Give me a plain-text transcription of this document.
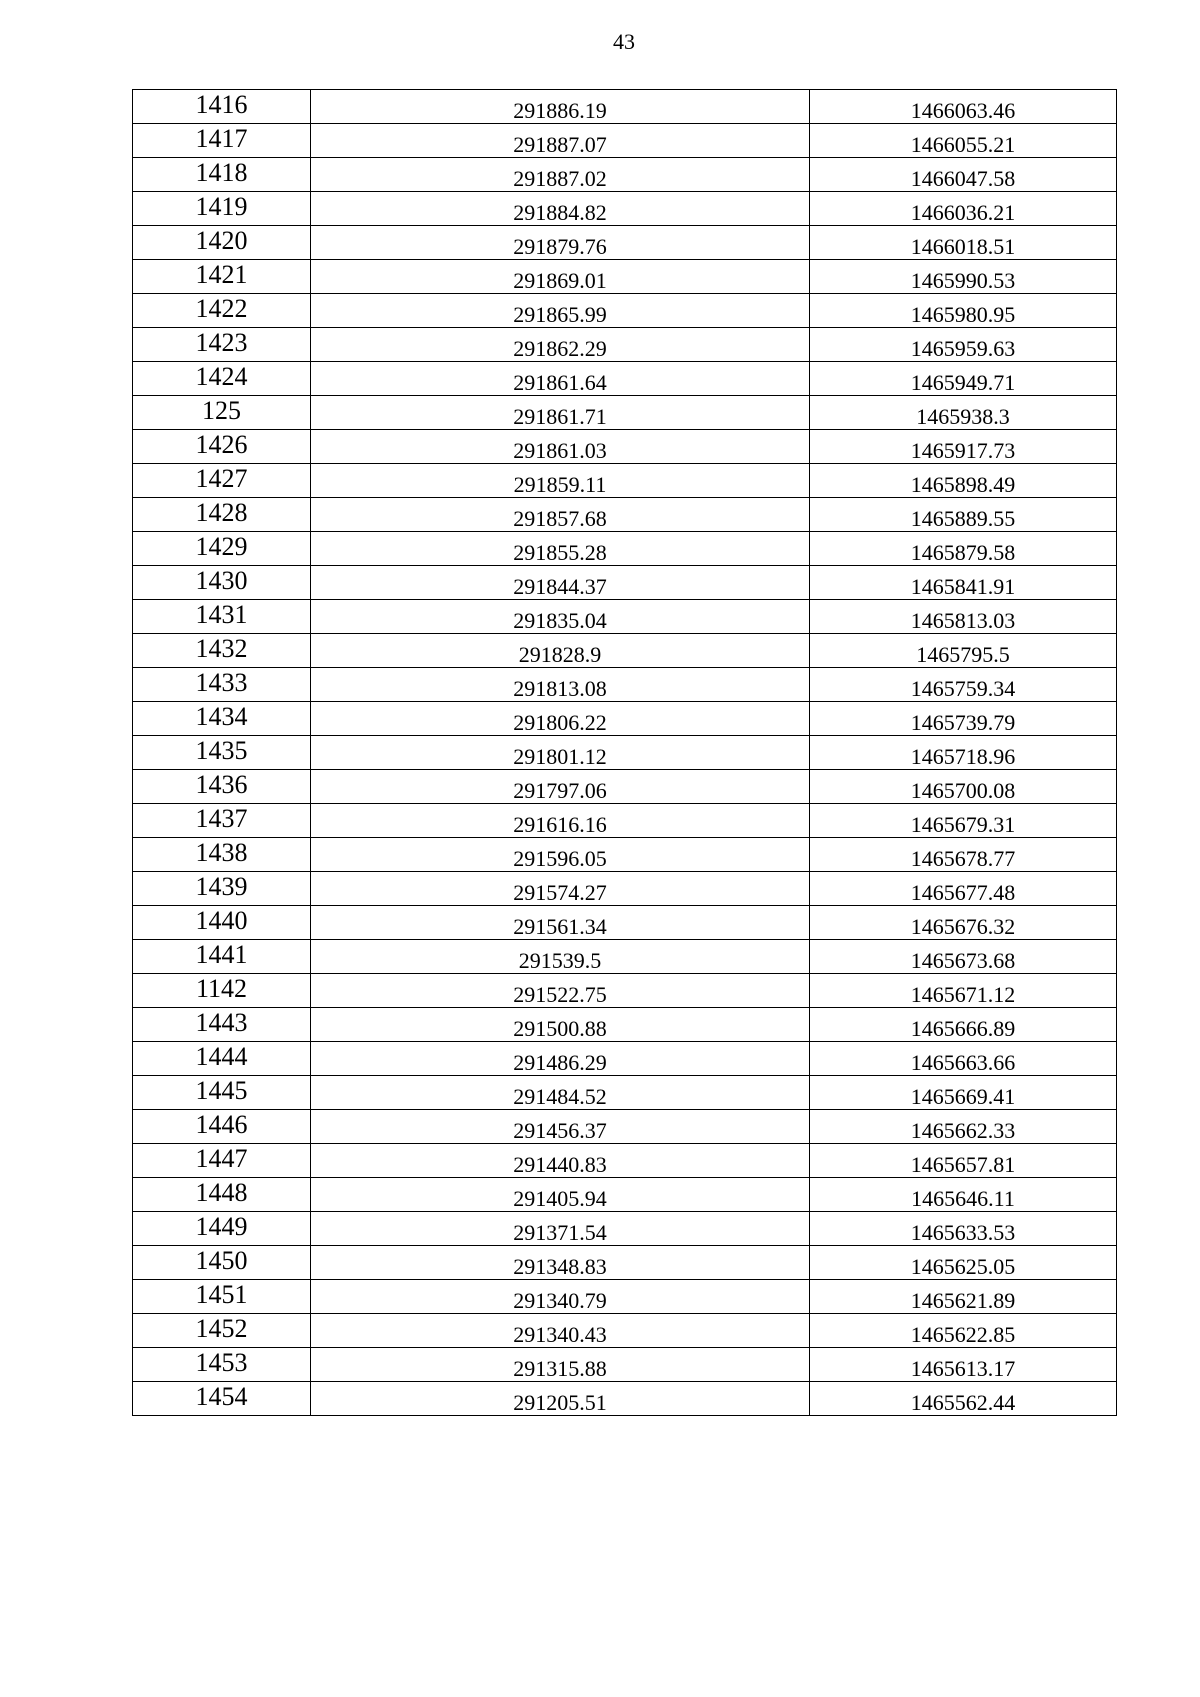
43
1416	291886.19	1466063.46
1417	291887.07	1466055.21
1418	291887.02	1466047.58
1419	291884.82	1466036.21
1420	291879.76	1466018.51
1421	291869.01	1465990.53
1422	291865.99	1465980.95
1423	291862.29	1465959.63
1424	291861.64	1465949.71
125	291861.71	1465938.3
1426	291861.03	1465917.73
1427	291859.11	1465898.49
1428	291857.68	1465889.55
1429	291855.28	1465879.58
1430	291844.37	1465841.91
1431	291835.04	1465813.03
1432	291828.9	1465795.5
1433	291813.08	1465759.34
1434	291806.22	1465739.79
1435	291801.12	1465718.96
1436	291797.06	1465700.08
1437	291616.16	1465679.31
1438	291596.05	1465678.77
1439	291574.27	1465677.48
1440	291561.34	1465676.32
1441	291539.5	1465673.68
1142	291522.75	1465671.12
1443	291500.88	1465666.89
1444	291486.29	1465663.66
1445	291484.52	1465669.41
1446	291456.37	1465662.33
1447	291440.83	1465657.81
1448	291405.94	1465646.11
1449	291371.54	1465633.53
1450	291348.83	1465625.05
1451	291340.79	1465621.89
1452	291340.43	1465622.85
1453	291315.88	1465613.17
1454	291205.51	1465562.44
